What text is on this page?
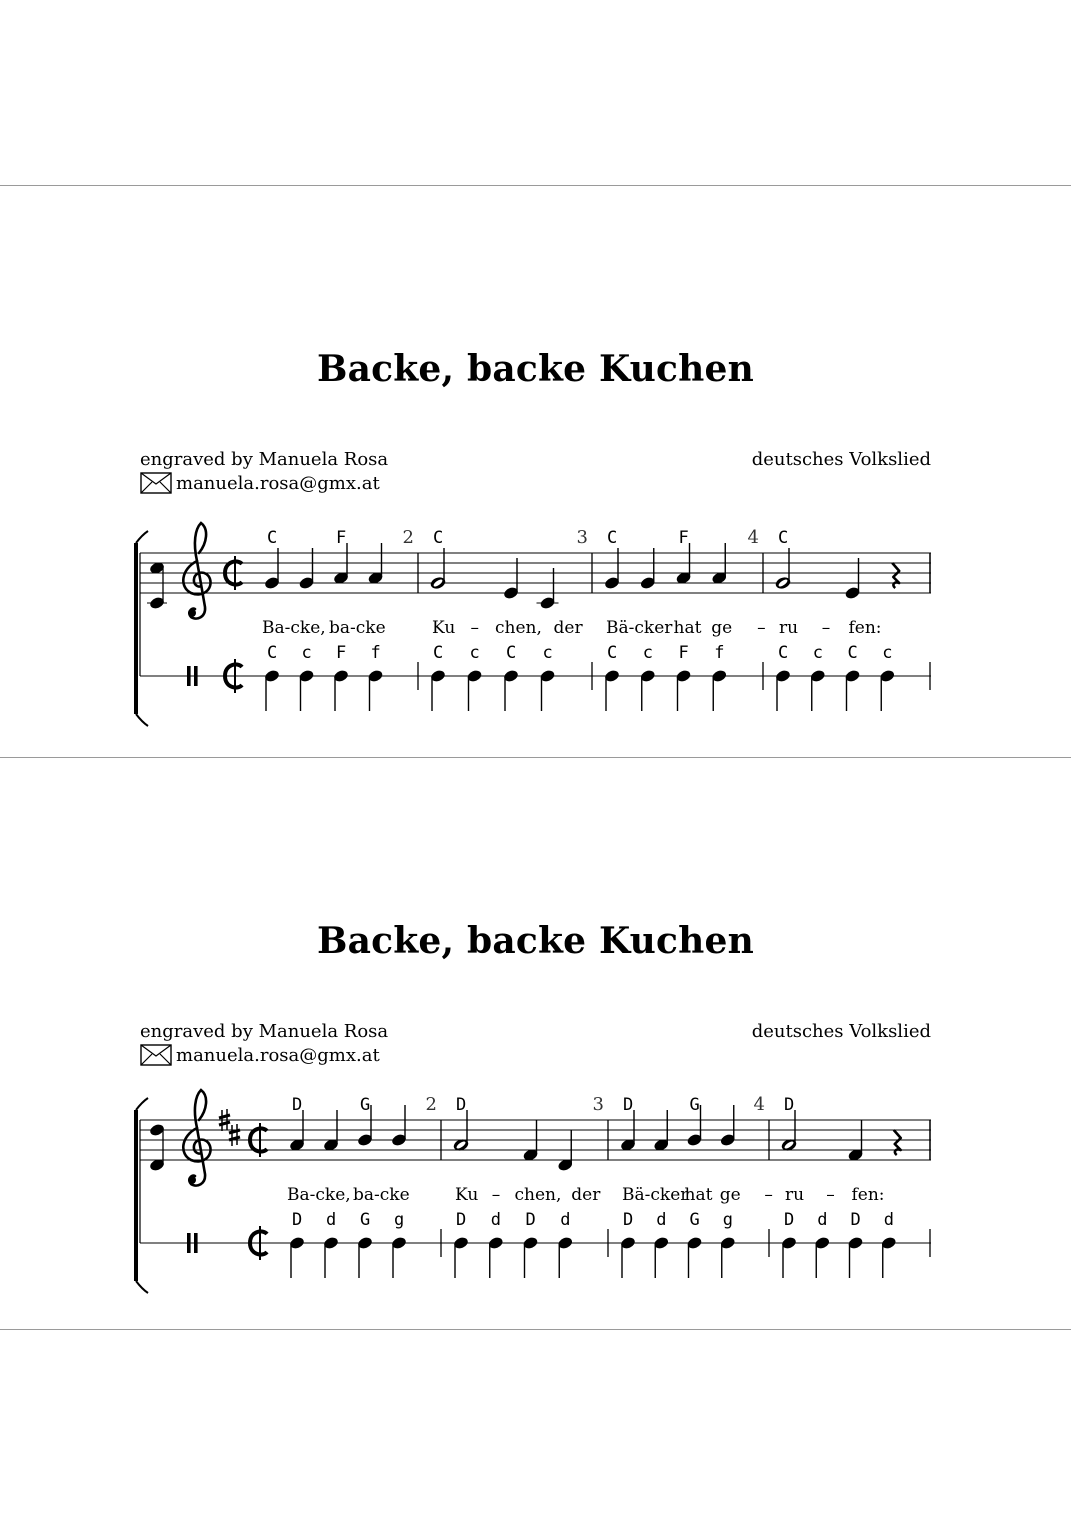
Backe, backe Kuchen
engraved by Manuela Rosa	deutsches Volkslied
manuela.rosa@gmx.at
Backe, backe Kuchen
engraved by Manuela Rosa	deutsches Volkslied
manuela.rosa@gmx.at
2	3	4
C	F	C	C	F	C
Ba-cke, ba-cke	Ku – chen, der Bä-cker hat ge – ru – fen:
C c F f	C c C c	C c F f	C c C c
2	3	4
D	G	D	D	G	D
Ba-cke, ba-cke	Ku – chen, der Bä-cker
hat ge – ru – fen:
D d G g	D d D d	D d G g	D d D d
